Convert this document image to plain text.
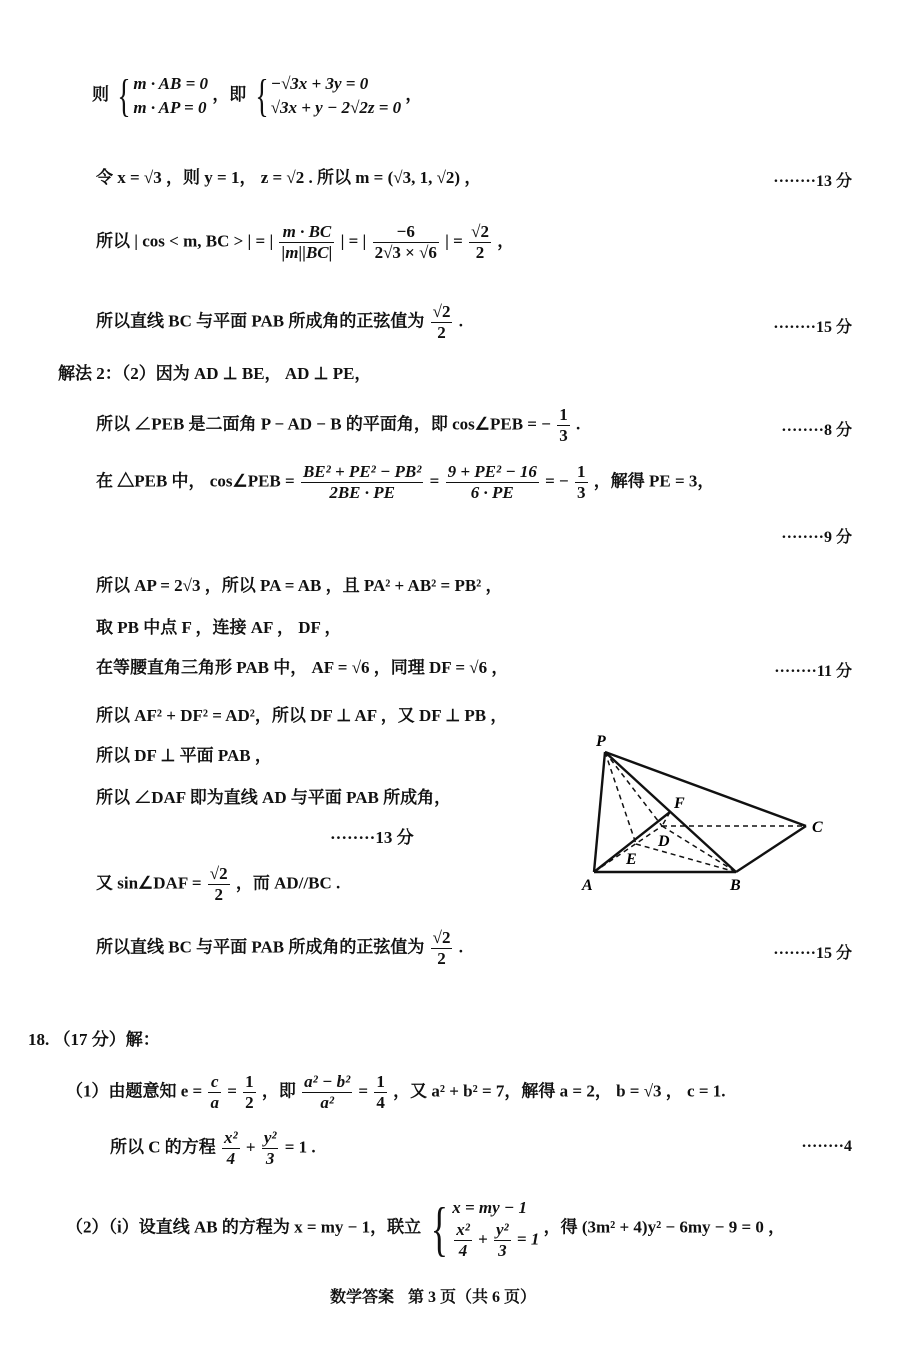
则 { m · AB = 0
m · AP = 0
，即 { −√3x + 3y = 0
√3x + y − 2√2z = 0
，
令 x = √3 ，则 y = 1， z = √2 . 所以 m = (√3, 1, √2) ，	········13 分
所以 | cos < m, BC > | = | $\frac{m \cdot BC}{|m||BC|}$ | = | $\frac{-6}{2√3 \times √6}$ | = $\frac{√2}{2}$ ，
所以直线 BC 与平面 PAB 所成角的正弦值为 $\frac{√2}{2}$ .	········15 分
解法 2：（2）因为 AD ⊥ BE， AD ⊥ PE，
所以 ∠PEB 是二面角 P − AD − B 的平面角，即 cos∠PEB = − $\frac{1}{3}$ .	········8 分
在 △PEB 中， cos∠PEB = $\frac{\text{BE² + PE² − PB²}}{2BE \cdot PE} = \frac{\text{9 + PE² − 16}}{6 \cdot PE}$ = − $\frac{1}{3}$ ，解得 PE = 3，
········9 分
所以 AP = 2√3 ，所以 PA = AB ，且 PA² + AB² = PB² ，
取 PB 中点 F ，连接 AF ， DF ，
在等腰直角三角形 PAB 中， AF = √6 ，同理 DF = √6 ，	········11 分
所以 AF² + DF² = AD²，所以 DF ⊥ AF ，又 DF ⊥ PB ，
所以 DF ⊥ 平面 PAB ，
所以 ∠DAF 即为直线 AD 与平面 PAB 所成角，
········13 分
又 sin∠DAF = $\frac{√2}{2}$ ，而 AD//BC .
所以直线 BC 与平面 PAB 所成角的正弦值为 $\frac{√2}{2}$ .	········15 分
P
A	B
C
D
E
F
18. （17 分）解：
（1）由题意知 $e = \frac{c}{a} = \frac{1}{2}$ ，即 $\frac{\text{a² − b²}}{\text{a²}} = \frac{1}{4}$ ，又 a² + b² = 7，解得 a = 2， b = √3 ， c = 1.
所以 C 的方程 $\frac{\text{x²}}{4} + \frac{\text{y²}}{3} = 1$ .	········4
（2）（i）设直线 AB 的方程为 x = my − 1，联立 { x = my − 1
$\frac{\text{x²}}{4} + \frac{\text{y²}}{3} = 1$
，得 (3m² + 4)y² − 6my − 9 = 0 ，
数学答案 第 3 页（共 6 页）
